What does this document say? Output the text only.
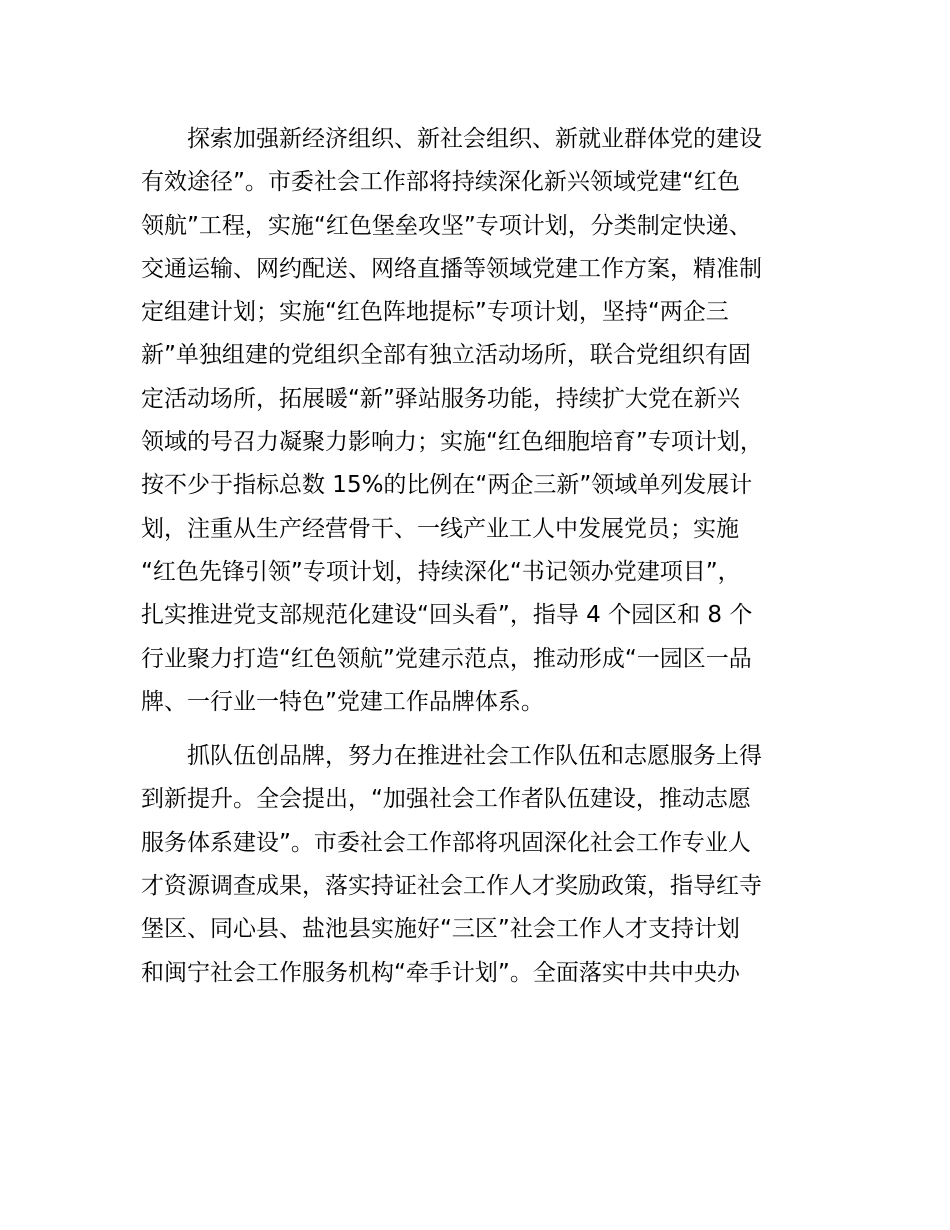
探索加强新经济组织、新社会组织、新就业群体党的建设
有效途径”。市委社会工作部将持续深化新兴领域党建“红色
领航”工程，实施“红色堡垒攻坚”专项计划，分类制定快递、
交通运输、网约配送、网络直播等领域党建工作方案，精准制
定组建计划；实施“红色阵地提标”专项计划，坚持“两企三
新”单独组建的党组织全部有独立活动场所，联合党组织有固
定活动场所，拓展暖“新”驿站服务功能，持续扩大党在新兴
领域的号召力凝聚力影响力；实施“红色细胞培育”专项计划，
按不少于指标总数 15%的比例在“两企三新”领域单列发展计
划，注重从生产经营骨干、一线产业工人中发展党员；实施
“红色先锋引领”专项计划，持续深化“书记领办党建项目”，
扎实推进党支部规范化建设“回头看”，指导 4 个园区和 8 个
行业聚力打造“红色领航”党建示范点，推动形成“一园区一品
牌、一行业一特色”党建工作品牌体系。
抓队伍创品牌，努力在推进社会工作队伍和志愿服务上得
到新提升。全会提出，“加强社会工作者队伍建设，推动志愿
服务体系建设”。市委社会工作部将巩固深化社会工作专业人
才资源调查成果，落实持证社会工作人才奖励政策，指导红寺
堡区、同心县、盐池县实施好“三区”社会工作人才支持计划
和闽宁社会工作服务机构“牵手计划”。全面落实中共中央办
